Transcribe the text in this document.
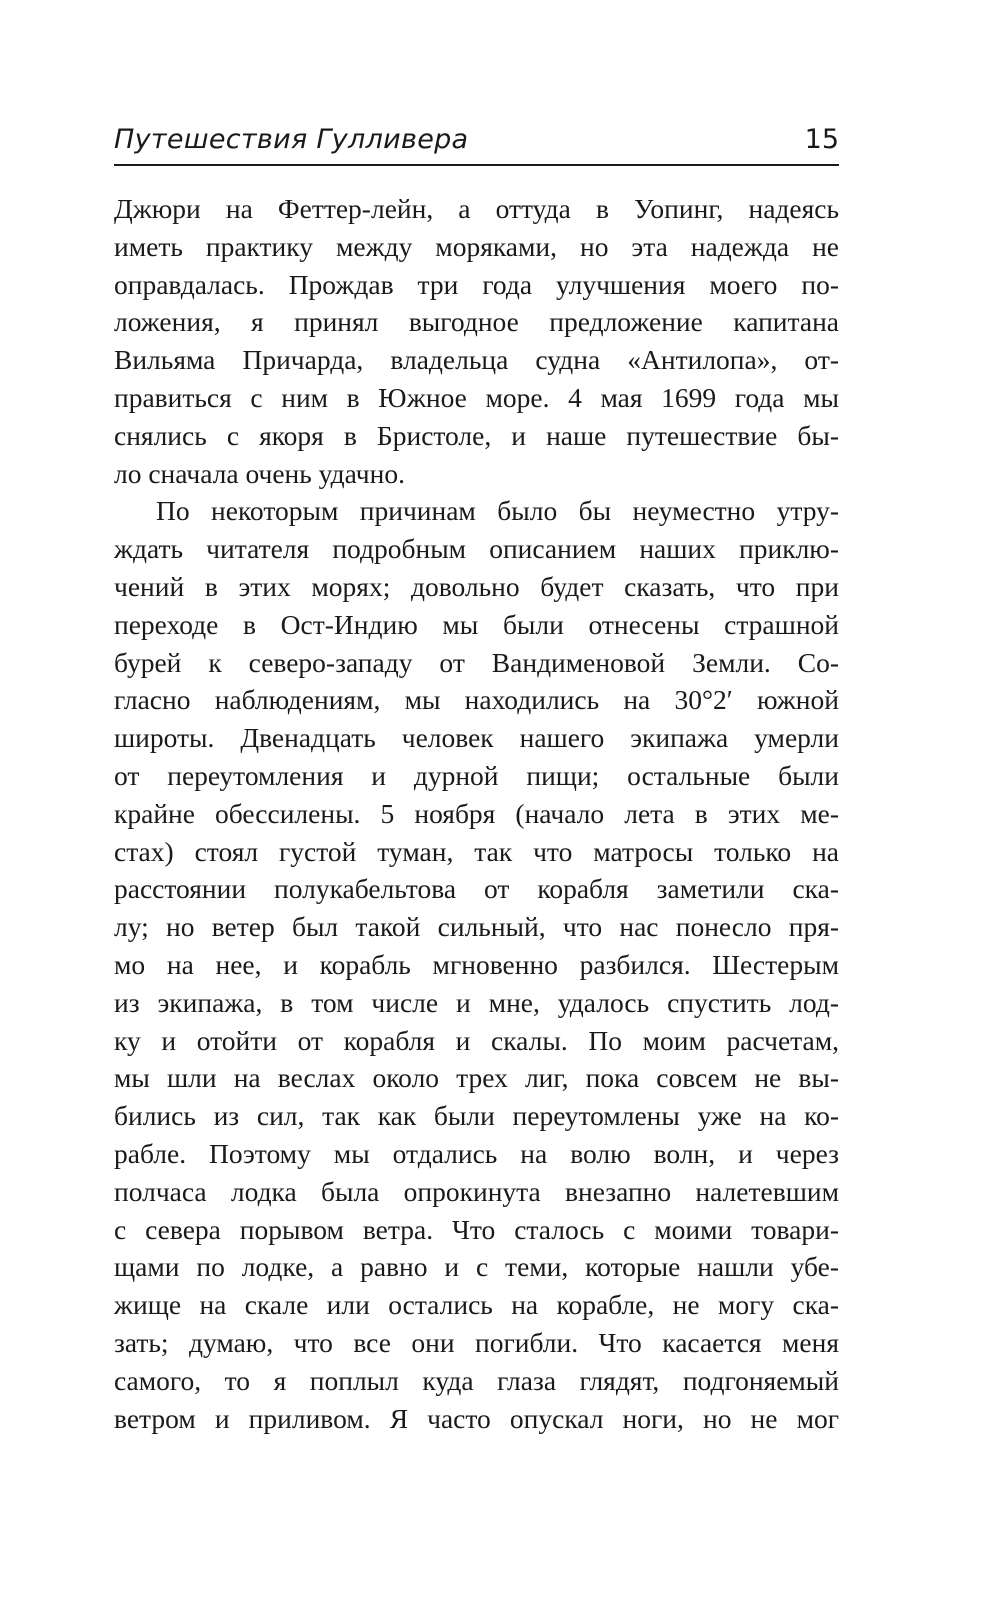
Путешествия Гулливера	15
Джюри на Феттер-лейн, а оттуда в Уопинг, надеясь
иметь практику между моряками, но эта надежда не
оправдалась. Прождав три года улучшения моего по-
ложения, я принял выгодное предложение капитана
Вильяма Причарда, владельца судна «Антилопа», от-
правиться с ним в Южное море. 4 мая 1699 года мы
снялись с якоря в Бристоле, и наше путешествие бы-
ло сначала очень удачно.
По некоторым причинам было бы неуместно утру-
ждать читателя подробным описанием наших приклю-
чений в этих морях; довольно будет сказать, что при
переходе в Ост-Индию мы были отнесены страшной
бурей к северо-западу от Вандименовой Земли. Со-
гласно наблюдениям, мы находились на 30°2′ южной
широты. Двенадцать человек нашего экипажа умерли
от переутомления и дурной пищи; остальные были
крайне обессилены. 5 ноября (начало лета в этих ме-
стах) стоял густой туман, так что матросы только на
расстоянии полукабельтова от корабля заметили ска-
лу; но ветер был такой сильный, что нас понесло пря-
мо на нее, и корабль мгновенно разбился. Шестерым
из экипажа, в том числе и мне, удалось спустить лод-
ку и отойти от корабля и скалы. По моим расчетам,
мы шли на веслах около трех лиг, пока совсем не вы-
бились из сил, так как были переутомлены уже на ко-
рабле. Поэтому мы отдались на волю волн, и через
полчаса лодка была опрокинута внезапно налетевшим
с севера порывом ветра. Что сталось с моими товари-
щами по лодке, а равно и с теми, которые нашли убе-
жище на скале или остались на корабле, не могу ска-
зать; думаю, что все они погибли. Что касается меня
самого, то я поплыл куда глаза глядят, подгоняемый
ветром и приливом. Я часто опускал ноги, но не мог
